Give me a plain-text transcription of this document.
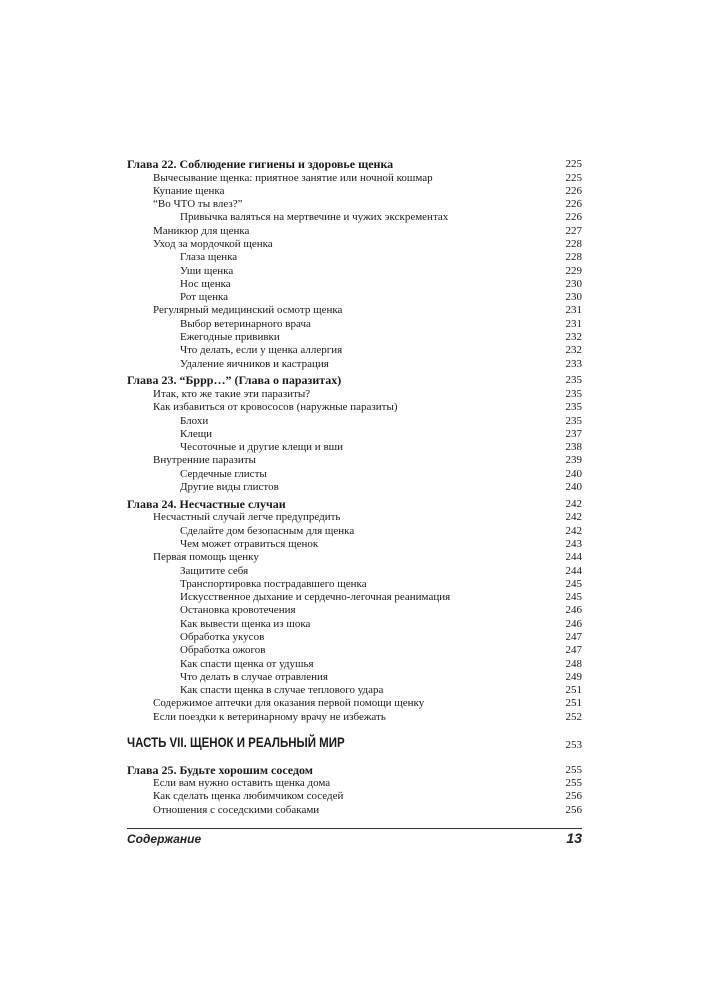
Глава 22. Соблюдение гигиены и здоровье щенка	225
Вычесывание щенка: приятное занятие или ночной кошмар	225
Купание щенка	226
“Во ЧТО ты влез?”	226
Привычка валяться на мертвечине и чужих экскрементах	226
Маникюр для щенка	227
Уход за мордочкой щенка	228
Глаза щенка	228
Уши щенка	229
Нос щенка	230
Рот щенка	230
Регулярный медицинский осмотр щенка	231
Выбор ветеринарного врача	231
Ежегодные прививки	232
Что делать, если у щенка аллергия	232
Удаление яичников и кастрация	233
Глава 23. “Бррр…” (Глава о паразитах)	235
Итак, кто же такие эти паразиты?	235
Как избавиться от кровососов (наружные паразиты)	235
Блохи	235
Клещи	237
Чесоточные и другие клещи и вши	238
Внутренние паразиты	239
Сердечные глисты	240
Другие виды глистов	240
Глава 24. Несчастные случаи	242
Несчастный случай легче предупредить	242
Сделайте дом безопасным для щенка	242
Чем может отравиться щенок	243
Первая помощь щенку	244
Защитите себя	244
Транспортировка пострадавшего щенка	245
Искусственное дыхание и сердечно-легочная реанимация	245
Остановка кровотечения	246
Как вывести щенка из шока	246
Обработка укусов	247
Обработка ожогов	247
Как спасти щенка от удушья	248
Что делать в случае отравления	249
Как спасти щенка в случае теплового удара	251
Содержимое аптечки для оказания первой помощи щенку	251
Если поездки к ветеринарному врачу не избежать	252
ЧАСТЬ VII. ЩЕНОК И РЕАЛЬНЫЙ МИР	253
Глава 25. Будьте хорошим соседом	255
Если вам нужно оставить щенка дома	255
Как сделать щенка любимчиком соседей	256
Отношения с соседскими собаками	256
Содержание	13
